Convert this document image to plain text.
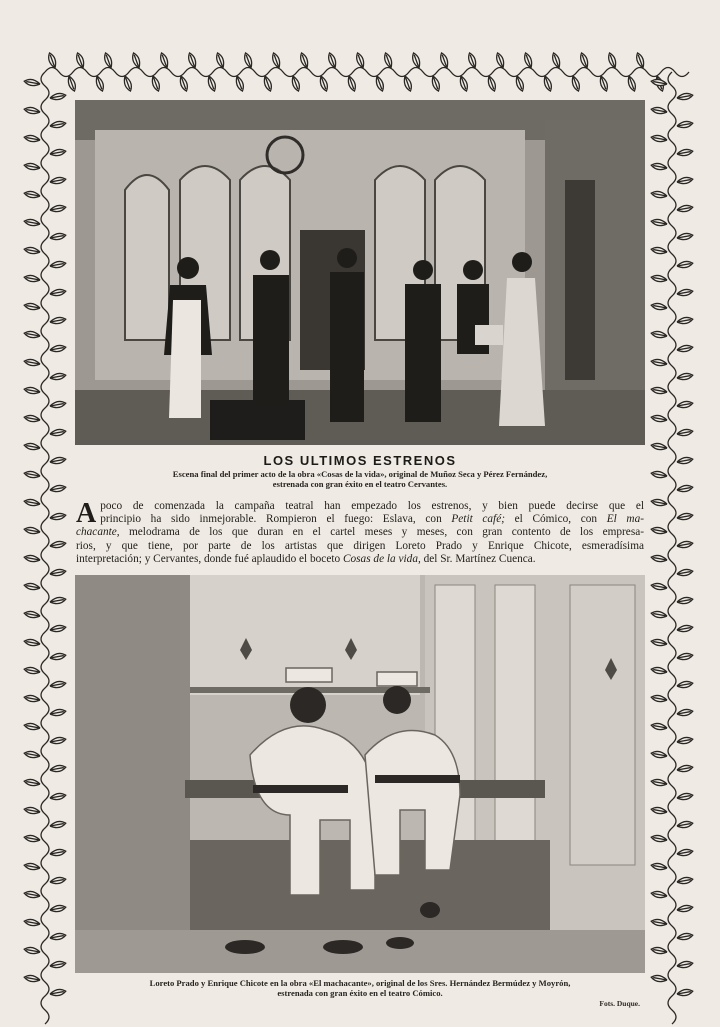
LOS ULTIMOS ESTRENOS
Escena final del primer acto de la obra «Cosas de la vida», original de Muñoz Seca y Pérez Fernández,
estrenada con gran éxito en el teatro Cervantes.
A poco de comenzada la campaña teatral han empezado los estrenos, y bien puede decirse que el
principio ha sido inmejorable. Rompieron el fuego: Eslava, con Petit café; el Cómico, con El ma-
chacante, melodrama de los que duran en el cartel meses y meses, con gran contento de los empresa-
rios, y que tiene, por parte de los artistas que dirigen Loreto Prado y Enrique Chicote, esmeradísima
interpretación; y Cervantes, donde fué aplaudido el boceto Cosas de la vida, del Sr. Martínez Cuenca.
Loreto Prado y Enrique Chicote en la obra «El machacante», original de los Sres. Hernández Bermúdez y Moyrón,
estrenada con gran éxito en el teatro Cómico.
Fots. Duque.
